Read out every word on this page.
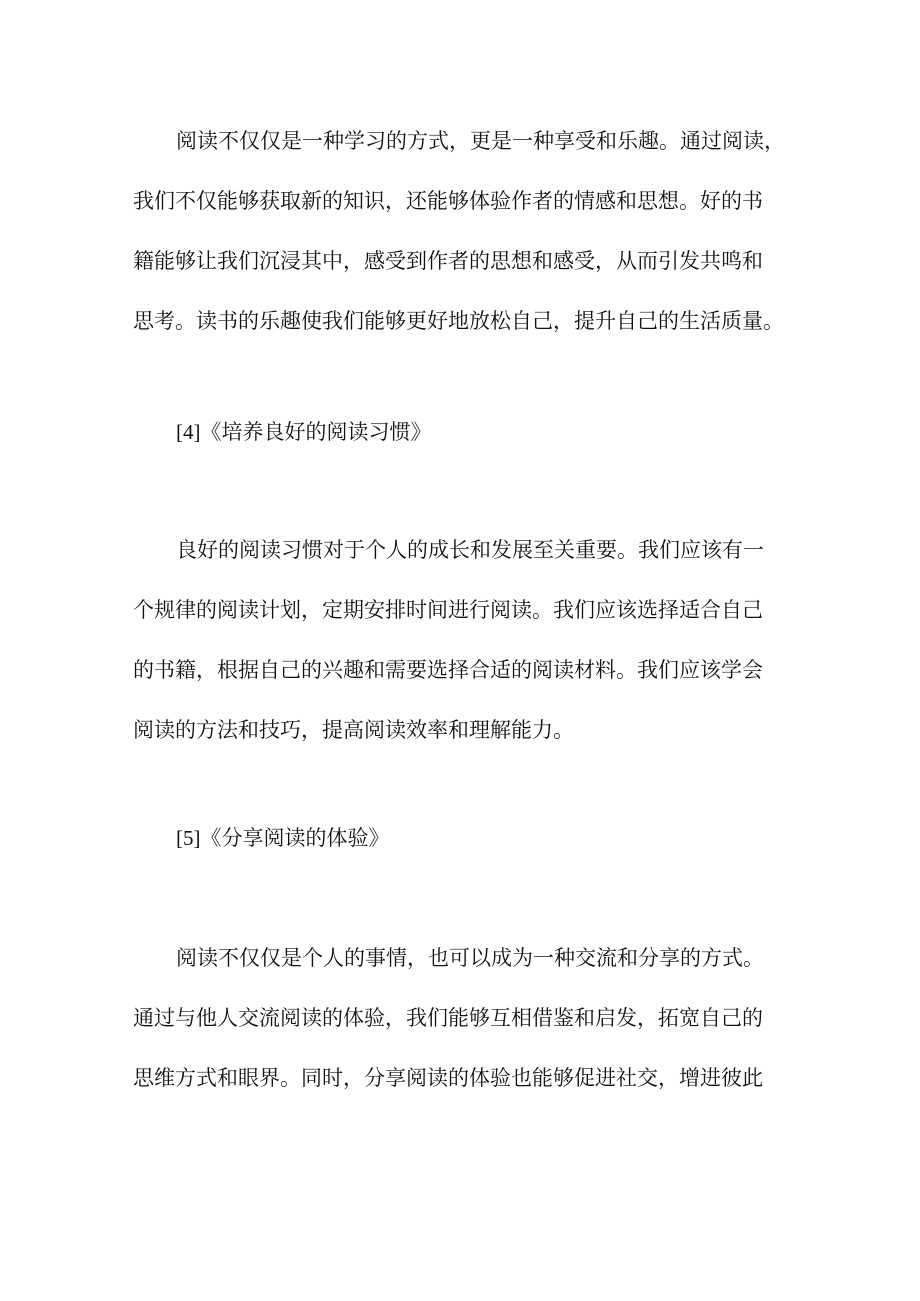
阅读不仅仅是一种学习的方式，更是一种享受和乐趣。通过阅读，
我们不仅能够获取新的知识，还能够体验作者的情感和思想。好的书
籍能够让我们沉浸其中，感受到作者的思想和感受，从而引发共鸣和
思考。读书的乐趣使我们能够更好地放松自己，提升自己的生活质量。
[4]《培养良好的阅读习惯》
良好的阅读习惯对于个人的成长和发展至关重要。我们应该有一
个规律的阅读计划，定期安排时间进行阅读。我们应该选择适合自己
的书籍，根据自己的兴趣和需要选择合适的阅读材料。我们应该学会
阅读的方法和技巧，提高阅读效率和理解能力。
[5]《分享阅读的体验》
阅读不仅仅是个人的事情，也可以成为一种交流和分享的方式。
通过与他人交流阅读的体验，我们能够互相借鉴和启发，拓宽自己的
思维方式和眼界。同时，分享阅读的体验也能够促进社交，增进彼此
